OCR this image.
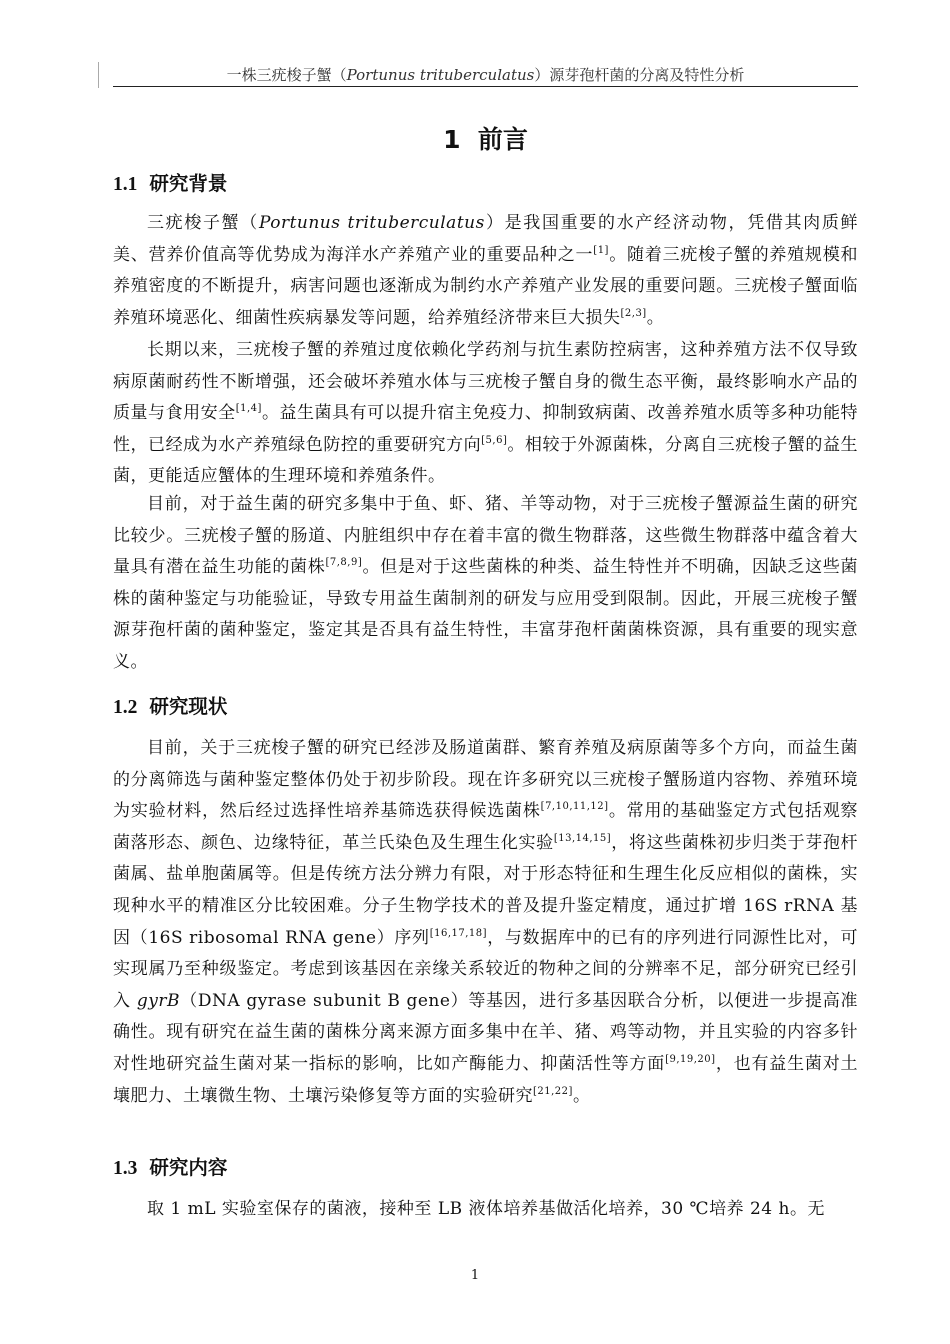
一株三疣梭子蟹（Portunus trituberculatus）源芽孢杆菌的分离及特性分析
1 前言
1.1 研究背景

三疣梭子蟹（Portunus trituberculatus）是我国重要的水产经济动物，凭借其肉质鲜美、营养价值高等优势成为海洋水产养殖产业的重要品种之一[1]。随着三疣梭子蟹的养殖规模和养殖密度的不断提升，病害问题也逐渐成为制约水产养殖产业发展的重要问题。三疣梭子蟹面临养殖环境恶化、细菌性疾病暴发等问题，给养殖经济带来巨大损失[2,3]。

长期以来，三疣梭子蟹的养殖过度依赖化学药剂与抗生素防控病害，这种养殖方法不仅导致病原菌耐药性不断增强，还会破坏养殖水体与三疣梭子蟹自身的微生态平衡，最终影响水产品的质量与食用安全[1,4]。益生菌具有可以提升宿主免疫力、抑制致病菌、改善养殖水质等多种功能特性，已经成为水产养殖绿色防控的重要研究方向[5,6]。相较于外源菌株，分离自三疣梭子蟹的益生菌，更能适应蟹体的生理环境和养殖条件。

目前，对于益生菌的研究多集中于鱼、虾、猪、羊等动物，对于三疣梭子蟹源益生菌的研究比较少。三疣梭子蟹的肠道、内脏组织中存在着丰富的微生物群落，这些微生物群落中蕴含着大量具有潜在益生功能的菌株[7,8,9]。但是对于这些菌株的种类、益生特性并不明确，因缺乏这些菌株的菌种鉴定与功能验证，导致专用益生菌制剂的研发与应用受到限制。因此，开展三疣梭子蟹源芽孢杆菌的菌种鉴定，鉴定其是否具有益生特性，丰富芽孢杆菌菌株资源，具有重要的现实意义。

1.2 研究现状

目前，关于三疣梭子蟹的研究已经涉及肠道菌群、繁育养殖及病原菌等多个方向，而益生菌的分离筛选与菌种鉴定整体仍处于初步阶段。现在许多研究以三疣梭子蟹肠道内容物、养殖环境为实验材料，然后经过选择性培养基筛选获得候选菌株[7,10,11,12]。常用的基础鉴定方式包括观察菌落形态、颜色、边缘特征，革兰氏染色及生理生化实验[13,14,15]，将这些菌株初步归类于芽孢杆菌属、盐单胞菌属等。但是传统方法分辨力有限，对于形态特征和生理生化反应相似的菌株，实现种水平的精准区分比较困难。分子生物学技术的普及提升鉴定精度，通过扩增 16S rRNA 基因（16S ribosomal RNA gene）序列[16,17,18]，与数据库中的已有的序列进行同源性比对，可实现属乃至种级鉴定。考虑到该基因在亲缘关系较近的物种之间的分辨率不足，部分研究已经引入 gyrB（DNA gyrase subunit B gene）等基因，进行多基因联合分析，以便进一步提高准确性。现有研究在益生菌的菌株分离来源方面多集中在羊、猪、鸡等动物，并且实验的内容多针对性地研究益生菌对某一指标的影响，比如产酶能力、抑菌活性等方面[9,19,20]，也有益生菌对土壤肥力、土壤微生物、土壤污染修复等方面的实验研究[21,22]。

1.3 研究内容

取 1 mL 实验室保存的菌液，接种至 LB 液体培养基做活化培养，30 ℃培养 24 h。无

1
